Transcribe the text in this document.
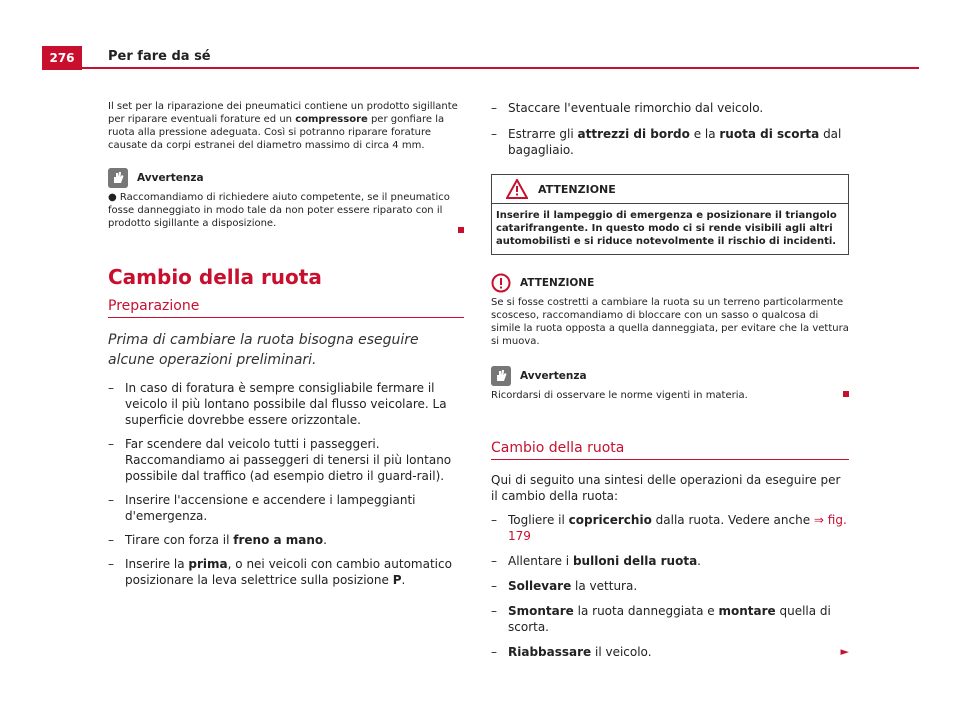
276	Per fare da sé

Il set per la riparazione dei pneumatici contiene un prodotto sigillante per riparare eventuali forature ed un compressore per gonfiare la ruota alla pressione adeguata. Così si potranno riparare forature causate da corpi estranei del diametro massimo di circa 4 mm.

Avvertenza

● Raccomandiamo di richiedere aiuto competente, se il pneumatico fosse danneggiato in modo tale da non poter essere riparato con il prodotto sigillante a disposizione.

Cambio della ruota
Preparazione

Prima di cambiare la ruota bisogna eseguire alcune operazioni preliminari.

– In caso di foratura è sempre consigliabile fermare il veicolo il più lontano possibile dal flusso veicolare. La superficie dovrebbe essere orizzontale.
– Far scendere dal veicolo tutti i passeggeri. Raccomandiamo ai passeggeri di tenersi il più lontano possibile dal traffico (ad esempio dietro il guard-rail).
– Inserire l'accensione e accendere i lampeggianti d'emergenza.
– Tirare con forza il freno a mano.
– Inserire la prima, o nei veicoli con cambio automatico posizionare la leva selettrice sulla posizione P.
– Staccare l'eventuale rimorchio dal veicolo.
– Estrarre gli attrezzi di bordo e la ruota di scorta dal bagagliaio.
ATTENZIONE
Inserire il lampeggio di emergenza e posizionare il triangolo catarifrangente. In questo modo ci si rende visibili agli altri automobilisti e si riduce notevolmente il rischio di incidenti.
ATTENZIONE

Se si fosse costretti a cambiare la ruota su un terreno particolarmente scosceso, raccomandiamo di bloccare con un sasso o qualcosa di simile la ruota opposta a quella danneggiata, per evitare che la vettura si muova.

Avvertenza

Ricordarsi di osservare le norme vigenti in materia.

Cambio della ruota

Qui di seguito una sintesi delle operazioni da eseguire per il cambio della ruota:

– Togliere il copricerchio dalla ruota. Vedere anche ⇒ fig. 179
– Allentare i bulloni della ruota.
– Sollevare la vettura.
– Smontare la ruota danneggiata e montare quella di scorta.
– Riabbassare il veicolo.	►
